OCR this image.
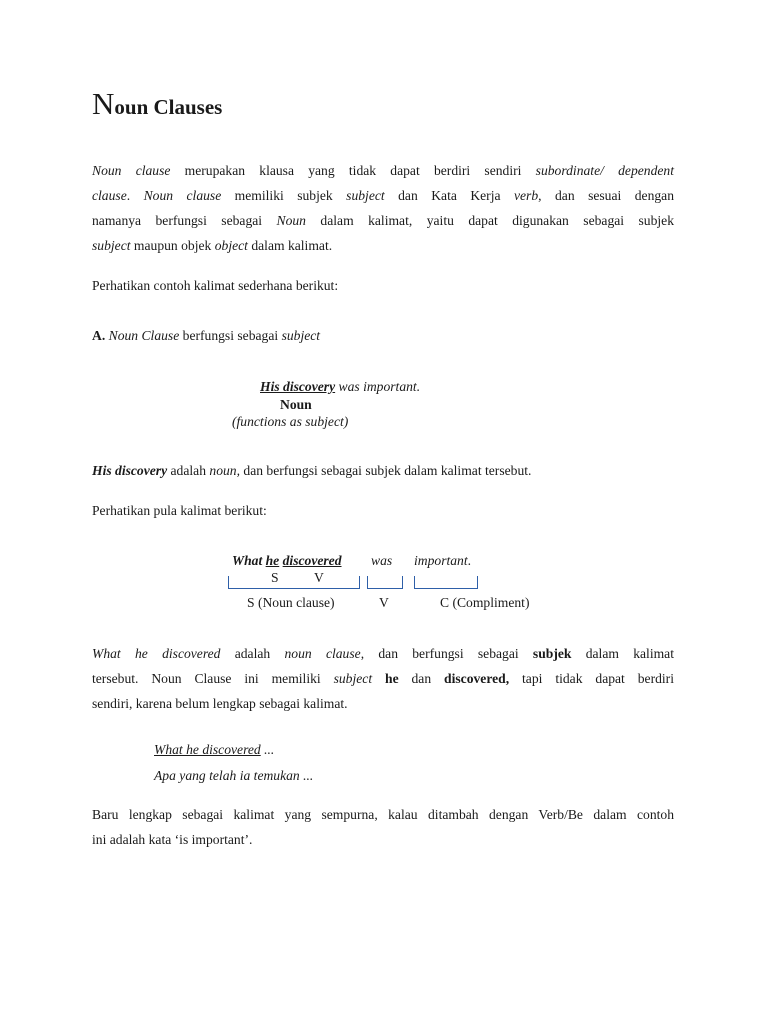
Noun Clauses
Noun clause merupakan klausa yang tidak dapat berdiri sendiri subordinate/ dependent
clause. Noun clause memiliki subjek subject dan Kata Kerja verb, dan sesuai dengan
namanya berfungsi sebagai Noun dalam kalimat, yaitu dapat digunakan sebagai subjek
subject maupun objek object dalam kalimat.
Perhatikan contoh kalimat sederhana berikut:
A. Noun Clause berfungsi sebagai subject
His discovery was important.
Noun
(functions as subject)
His discovery adalah noun, dan berfungsi sebagai subjek dalam kalimat tersebut.
Perhatikan pula kalimat berikut:
What he discovered was important.
S	V
S (Noun clause)	V	C (Compliment)
What he discovered adalah noun clause, dan berfungsi sebagai subjek dalam kalimat
tersebut. Noun Clause ini memiliki subject he dan discovered, tapi tidak dapat berdiri
sendiri, karena belum lengkap sebagai kalimat.
What he discovered ...
Apa yang telah ia temukan ...
Baru lengkap sebagai kalimat yang sempurna, kalau ditambah dengan Verb/Be dalam contoh
ini adalah kata ‘is important’.
